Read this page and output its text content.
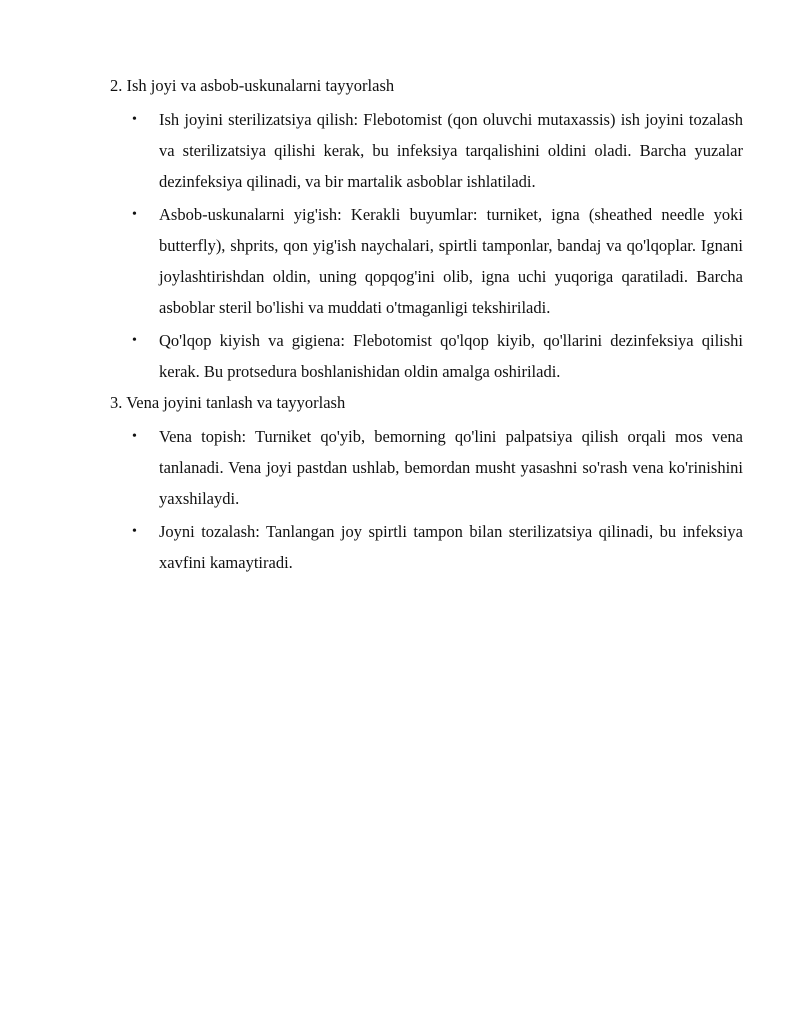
2. Ish joyi va asbob-uskunalarni tayyorlash

• Ish joyini sterilizatsiya qilish: Flebotomist (qon oluvchi mutaxassis) ish joyini tozalash va sterilizatsiya qilishi kerak, bu infeksiya tarqalishini oldini oladi. Barcha yuzalar dezinfeksiya qilinadi, va bir martalik asboblar ishlatiladi.
• Asbob-uskunalarni yig'ish: Kerakli buyumlar: turniket, igna (sheathed needle yoki butterfly), shprits, qon yig'ish naychalari, spirtli tamponlar, bandaj va qo'lqoplar. Ignani joylashtirishdan oldin, uning qopqog'ini olib, igna uchi yuqoriga qaratiladi. Barcha asboblar steril bo'lishi va muddati o'tmaganligi tekshiriladi.
• Qo'lqop kiyish va gigiena: Flebotomist qo'lqop kiyib, qo'llarini dezinfeksiya qilishi kerak. Bu protsedura boshlanishidan oldin amalga oshiriladi.

3. Vena joyini tanlash va tayyorlash

• Vena topish: Turniket qo'yib, bemorning qo'lini palpatsiya qilish orqali mos vena tanlanadi. Vena joyi pastdan ushlab, bemordan musht yasashni so'rash vena ko'rinishini yaxshilaydi.
• Joyni tozalash: Tanlangan joy spirtli tampon bilan sterilizatsiya qilinadi, bu infeksiya xavfini kamaytiradi.
